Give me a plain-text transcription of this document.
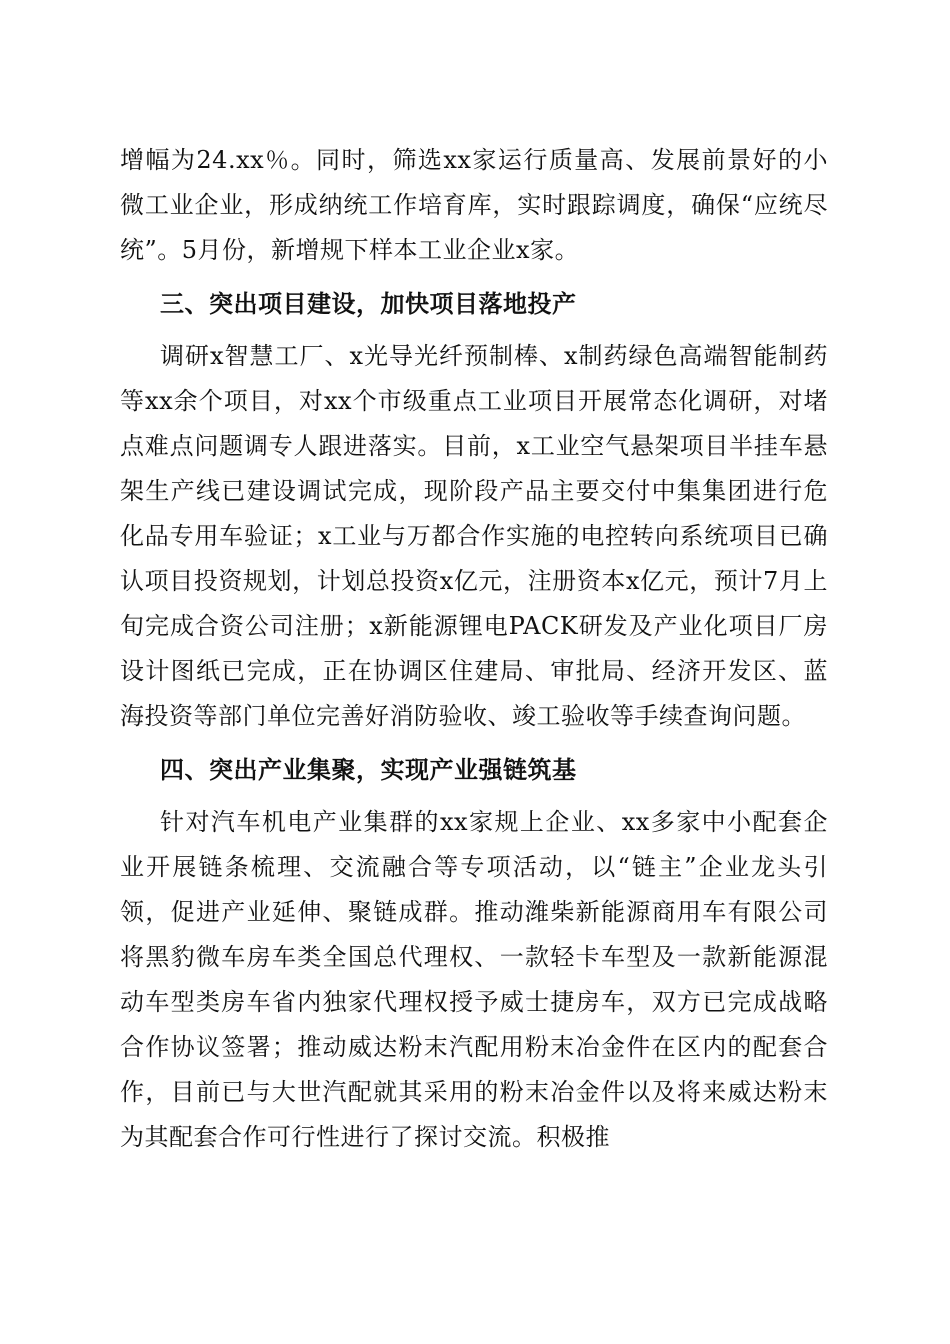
增幅为24.xx％。同时，筛选xx家运行质量高、发展前景好的小微工业企业，形成纳统工作培育库，实时跟踪调度，确保“应统尽统”。5月份，新增规下样本工业企业x家。

三、突出项目建设，加快项目落地投产

调研x智慧工厂、x光导光纤预制棒、x制药绿色高端智能制药等xx余个项目，对xx个市级重点工业项目开展常态化调研，对堵点难点问题调专人跟进落实。目前，x工业空气悬架项目半挂车悬架生产线已建设调试完成，现阶段产品主要交付中集集团进行危化品专用车验证；x工业与万都合作实施的电控转向系统项目已确认项目投资规划，计划总投资x亿元，注册资本x亿元，预计7月上旬完成合资公司注册；x新能源锂电PACK研发及产业化项目厂房设计图纸已完成，正在协调区住建局、审批局、经济开发区、蓝海投资等部门单位完善好消防验收、竣工验收等手续查询问题。

四、突出产业集聚，实现产业强链筑基

针对汽车机电产业集群的xx家规上企业、xx多家中小配套企业开展链条梳理、交流融合等专项活动，以“链主”企业龙头引领，促进产业延伸、聚链成群。推动潍柴新能源商用车有限公司将黑豹微车房车类全国总代理权、一款轻卡车型及一款新能源混动车型类房车省内独家代理权授予威士捷房车，双方已完成战略合作协议签署；推动威达粉末汽配用粉末冶金件在区内的配套合作，目前已与大世汽配就其采用的粉末冶金件以及将来威达粉末为其配套合作可行性进行了探讨交流。积极推
